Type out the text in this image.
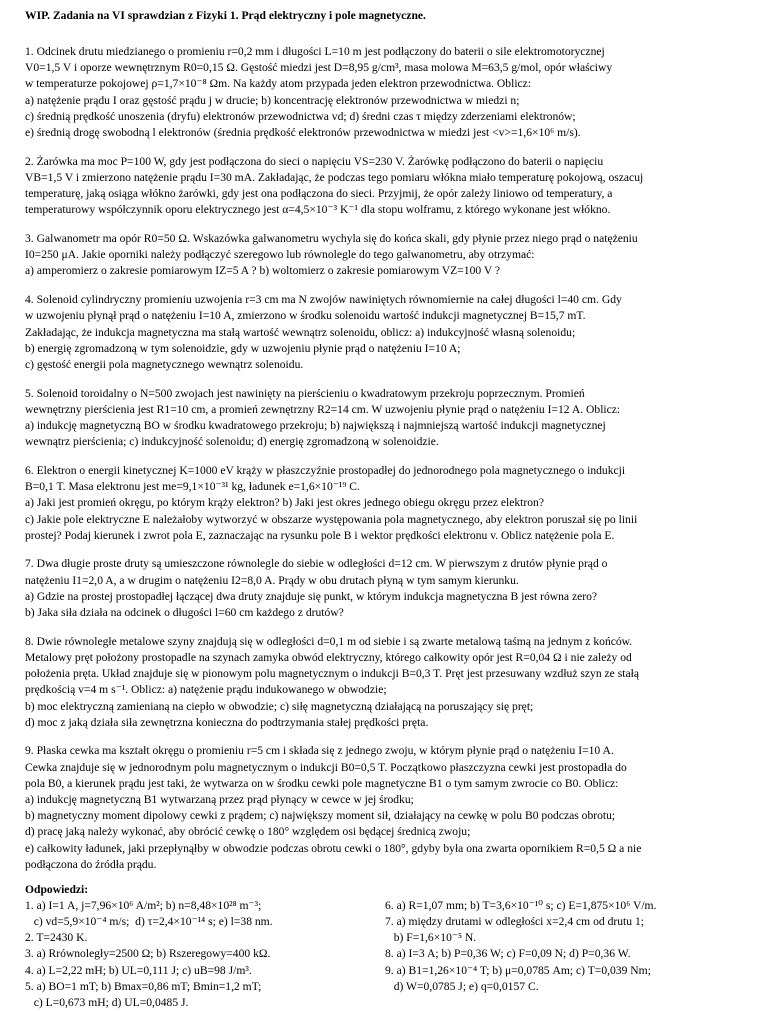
WIP. Zadania na VI sprawdzian z Fizyki 1. Prąd elektryczny i pole magnetyczne.
1. Odcinek drutu miedzianego o promieniu r=0,2 mm i długości L=10 m jest podłączony do baterii o sile elektromotorycznej
V0=1,5 V i oporze wewnętrznym R0=0,15 Ω. Gęstość miedzi jest D=8,95 g/cm³, masa molowa M=63,5 g/mol, opór właściwy
w temperaturze pokojowej ρ=1,7×10⁻⁸ Ωm. Na każdy atom przypada jeden elektron przewodnictwa. Oblicz:
a) natężenie prądu I oraz gęstość prądu j w drucie; b) koncentrację elektronów przewodnictwa w miedzi n;
c) średnią prędkość unoszenia (dryfu) elektronów przewodnictwa vd; d) średni czas τ między zderzeniami elektronów;
e) średnią drogę swobodną l elektronów (średnia prędkość elektronów przewodnictwa w miedzi jest <v>=1,6×10⁶ m/s).
2. Żarówka ma moc P=100 W, gdy jest podłączona do sieci o napięciu VS=230 V. Żarówkę podłączono do baterii o napięciu
VB=1,5 V i zmierzono natężenie prądu I=30 mA. Zakładając, że podczas tego pomiaru włókna miało temperaturę pokojową, oszacuj
temperaturę, jaką osiąga włókno żarówki, gdy jest ona podłączona do sieci. Przyjmij, że opór zależy liniowo od temperatury, a
temperaturowy współczynnik oporu elektrycznego jest α=4,5×10⁻³ K⁻¹ dla stopu wolframu, z którego wykonane jest włókno.
3. Galwanometr ma opór R0=50 Ω. Wskazówka galwanometru wychyla się do końca skali, gdy płynie przez niego prąd o natężeniu
I0=250 μA. Jakie oporniki należy podłączyć szeregowo lub równolegle do tego galwanometru, aby otrzymać:
a) amperomierz o zakresie pomiarowym IZ=5 A ? b) woltomierz o zakresie pomiarowym VZ=100 V ?
4. Solenoid cylindryczny promieniu uzwojenia r=3 cm ma N zwojów nawiniętych równomiernie na całej długości l=40 cm. Gdy
w uzwojeniu płynął prąd o natężeniu I=10 A, zmierzono w środku solenoidu wartość indukcji magnetycznej B=15,7 mT.
Zakładając, że indukcja magnetyczna ma stałą wartość wewnątrz solenoidu, oblicz: a) indukcyjność własną solenoidu;
b) energię zgromadzoną w tym solenoidzie, gdy w uzwojeniu płynie prąd o natężeniu I=10 A;
c) gęstość energii pola magnetycznego wewnątrz solenoidu.
5. Solenoid toroidalny o N=500 zwojach jest nawinięty na pierścieniu o kwadratowym przekroju poprzecznym. Promień
wewnętrzny pierścienia jest R1=10 cm, a promień zewnętrzny R2=14 cm. W uzwojeniu płynie prąd o natężeniu I=12 A. Oblicz:
a) indukcję magnetyczną BO w środku kwadratowego przekroju; b) największą i najmniejszą wartość indukcji magnetycznej
wewnątrz pierścienia; c) indukcyjność solenoidu; d) energię zgromadzoną w solenoidzie.
6. Elektron o energii kinetycznej K=1000 eV krąży w płaszczyźnie prostopadłej do jednorodnego pola magnetycznego o indukcji
B=0,1 T. Masa elektronu jest me=9,1×10⁻³¹ kg, ładunek e=1,6×10⁻¹⁹ C.
a) Jaki jest promień okręgu, po którym krąży elektron? b) Jaki jest okres jednego obiegu okręgu przez elektron?
c) Jakie pole elektryczne E należałoby wytworzyć w obszarze występowania pola magnetycznego, aby elektron poruszał się po linii
prostej? Podaj kierunek i zwrot pola E, zaznaczając na rysunku pole B i wektor prędkości elektronu v. Oblicz natężenie pola E.
7. Dwa długie proste druty są umieszczone równolegle do siebie w odległości d=12 cm. W pierwszym z drutów płynie prąd o
natężeniu I1=2,0 A, a w drugim o natężeniu I2=8,0 A. Prądy w obu drutach płyną w tym samym kierunku.
a) Gdzie na prostej prostopadłej łączącej dwa druty znajduje się punkt, w którym indukcja magnetyczna B jest równa zero?
b) Jaka siła działa na odcinek o długości l=60 cm każdego z drutów?
8. Dwie równoległe metalowe szyny znajdują się w odległości d=0,1 m od siebie i są zwarte metalową taśmą na jednym z końców.
Metalowy pręt położony prostopadle na szynach zamyka obwód elektryczny, którego całkowity opór jest R=0,04 Ω i nie zależy od
położenia pręta. Układ znajduje się w pionowym polu magnetycznym o indukcji B=0,3 T. Pręt jest przesuwany wzdłuż szyn ze stałą
prędkością v=4 m s⁻¹. Oblicz: a) natężenie prądu indukowanego w obwodzie;
b) moc elektryczną zamienianą na ciepło w obwodzie; c) siłę magnetyczną działającą na poruszający się pręt;
d) moc z jaką działa siła zewnętrzna konieczna do podtrzymania stałej prędkości pręta.
9. Płaska cewka ma kształt okręgu o promieniu r=5 cm i składa się z jednego zwoju, w którym płynie prąd o natężeniu I=10 A.
Cewka znajduje się w jednorodnym polu magnetycznym o indukcji B0=0,5 T. Początkowo płaszczyzna cewki jest prostopadła do
pola B0, a kierunek prądu jest taki, że wytwarza on w środku cewki pole magnetyczne B1 o tym samym zwrocie co B0. Oblicz:
a) indukcję magnetyczną B1 wytwarzaną przez prąd płynący w cewce w jej środku;
b) magnetyczny moment dipolowy cewki z prądem; c) największy moment sił, działający na cewkę w polu B0 podczas obrotu;
d) pracę jaką należy wykonać, aby obrócić cewkę o 180° względem osi będącej średnicą zwoju;
e) całkowity ładunek, jaki przepłynąłby w obwodzie podczas obrotu cewki o 180°, gdyby była ona zwarta opornikiem R=0,5 Ω a nie
podłączona do źródła prądu.
Odpowiedzi:
1. a) I=1 A, j=7,96×10⁶ A/m²; b) n=8,48×10²⁸ m⁻³;
c) vd=5,9×10⁻⁴ m/s;  d) τ=2,4×10⁻¹⁴ s; e) l=38 nm.
2. T=2430 K.
3. a) Rrównoległy=2500 Ω; b) Rszeregowy=400 kΩ.
4. a) L=2,22 mH; b) UL=0,111 J; c) uB=98 J/m³.
5. a) BO=1 mT; b) Bmax=0,86 mT; Bmin=1,2 mT;
c) L=0,673 mH; d) UL=0,0485 J.
6. a) R=1,07 mm; b) T=3,6×10⁻¹⁰ s; c) E=1,875×10⁶ V/m.
7. a) między drutami w odległości x=2,4 cm od drutu 1;
b) F=1,6×10⁻⁵ N.
8. a) I=3 A; b) P=0,36 W; c) F=0,09 N; d) P=0,36 W.
9. a) B1=1,26×10⁻⁴ T; b) μ=0,0785 Am; c) T=0,039 Nm;
d) W=0,0785 J; e) q=0,0157 C.
